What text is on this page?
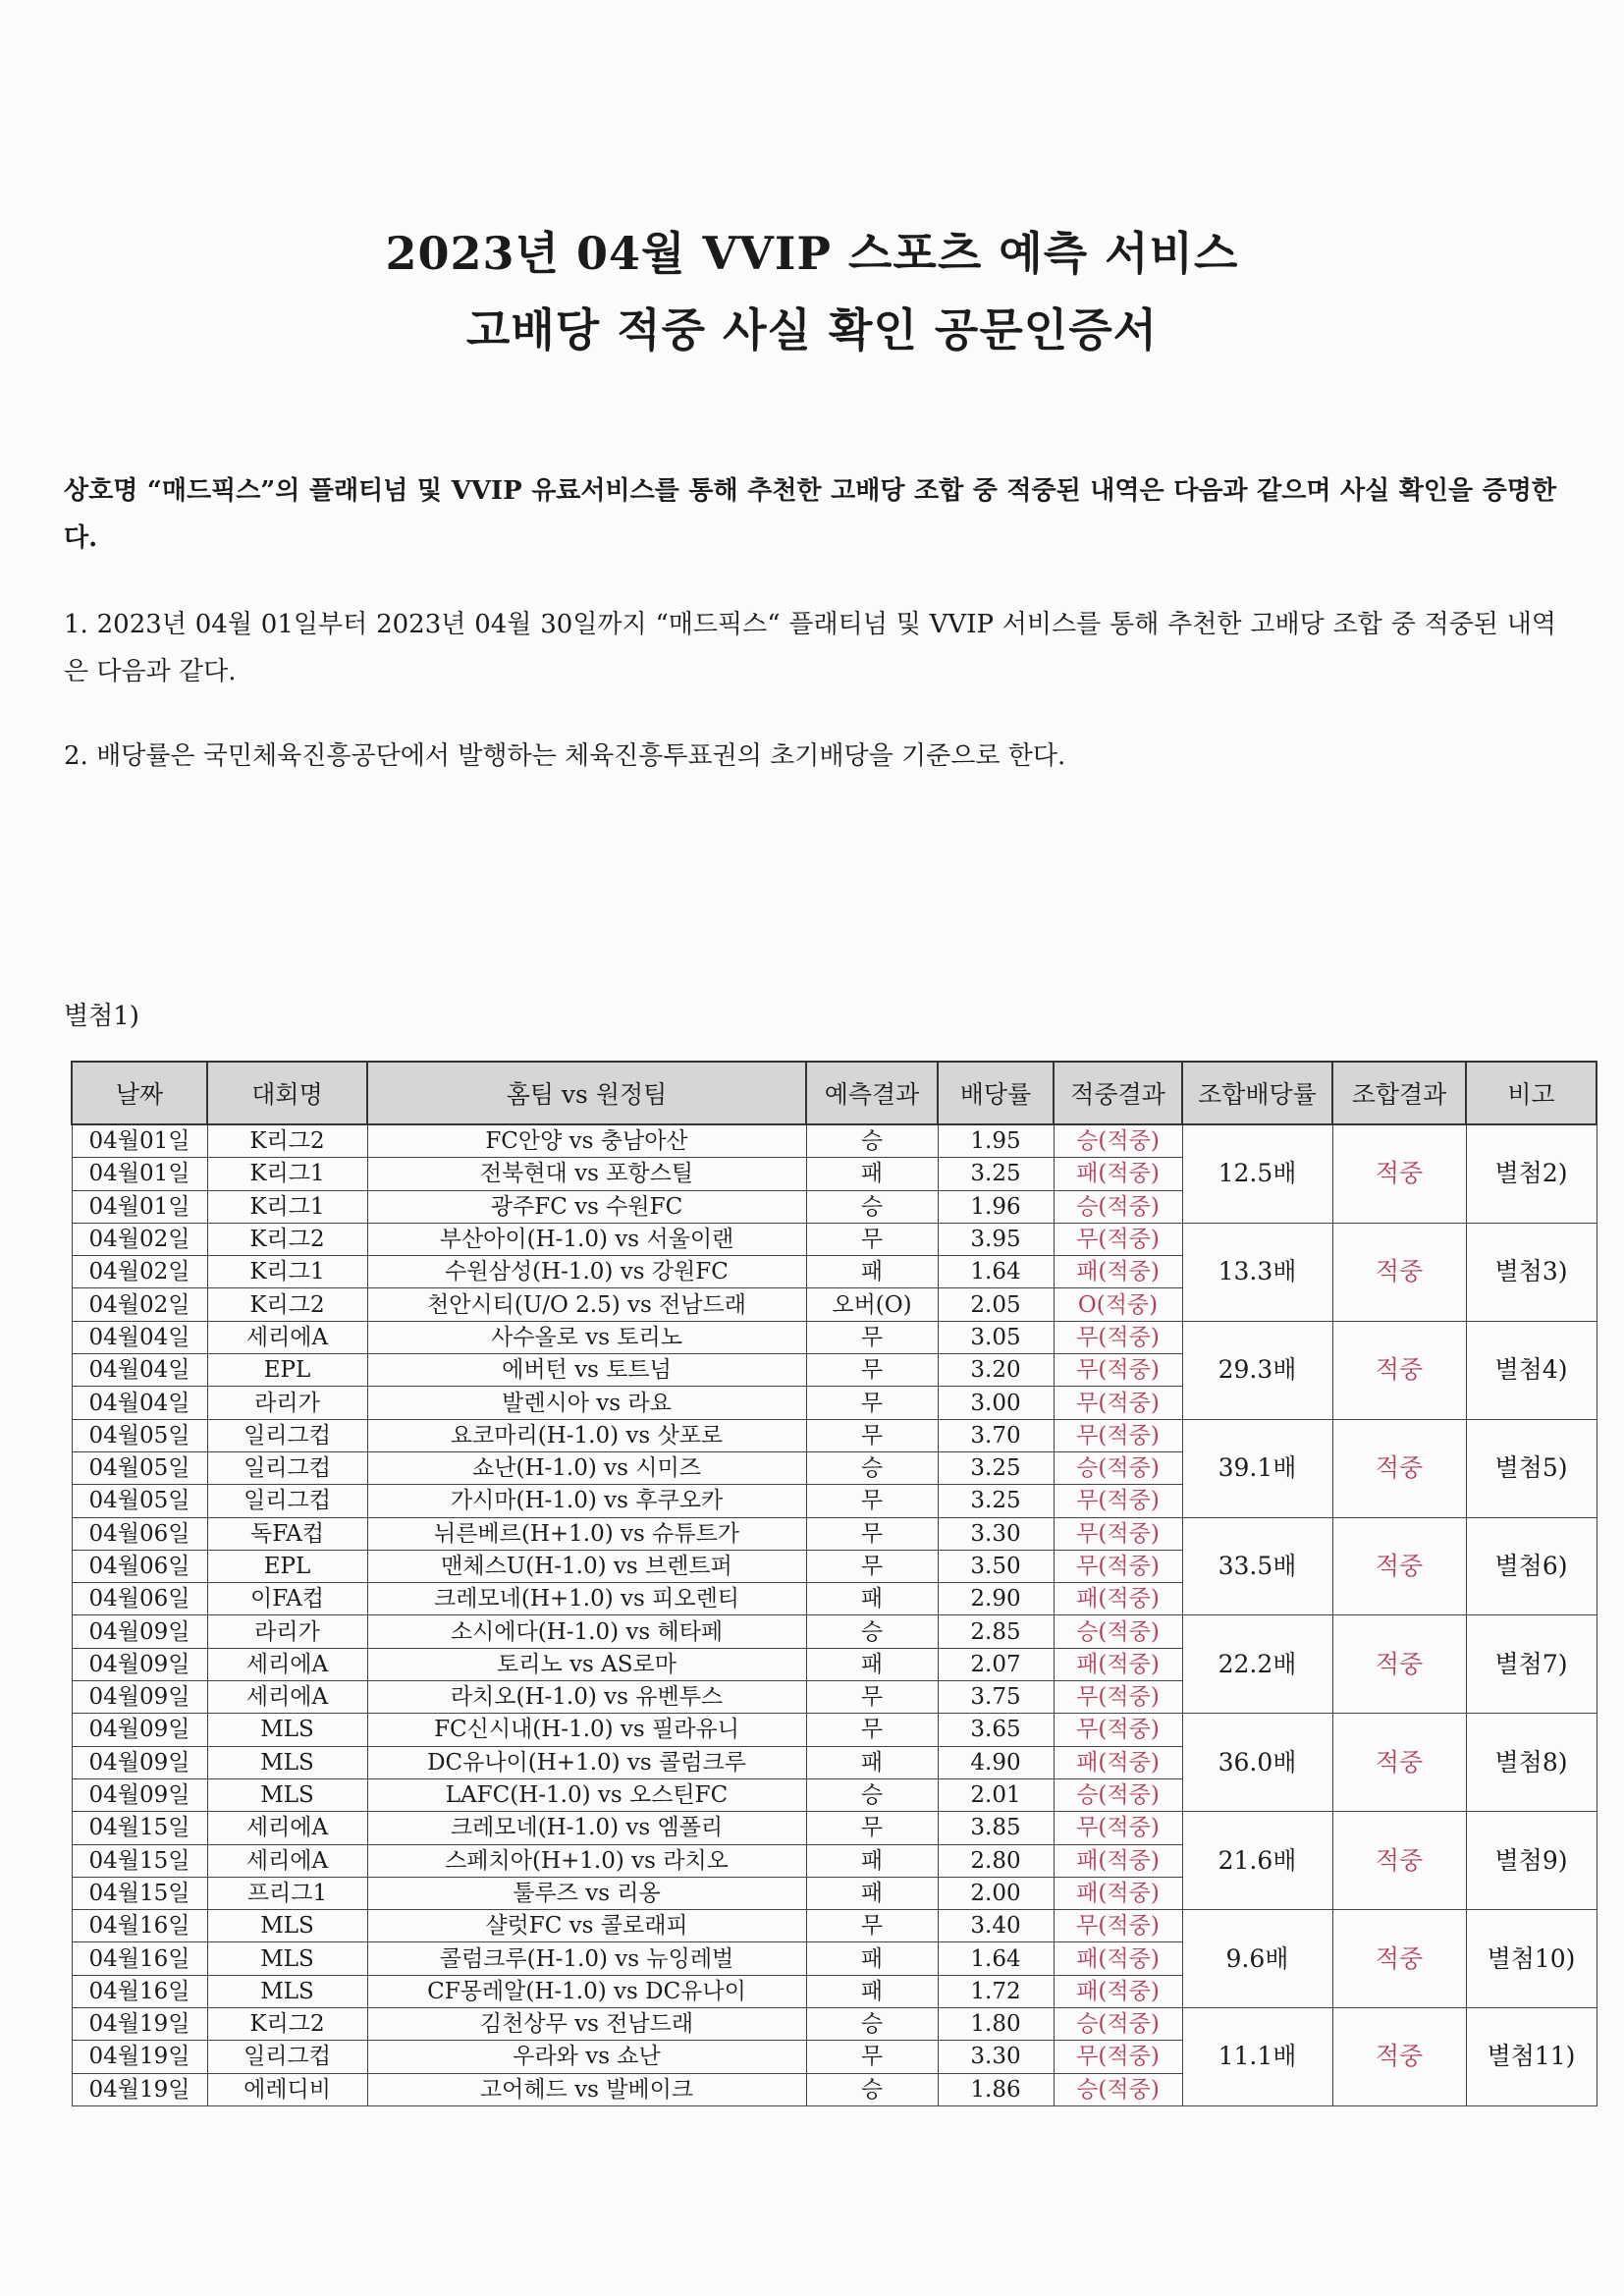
2023년 04월 VVIP 스포츠 예측 서비스
고배당 적중 사실 확인 공문인증서
상호명 “매드픽스”의 플래티넘 및 VVIP 유료서비스를 통해 추천한 고배당 조합 중 적중된 내역은 다음과 같으며 사실 확인을 증명한다.
1. 2023년 04월 01일부터 2023년 04월 30일까지 “매드픽스“ 플래티넘 및 VVIP 서비스를 통해 추천한 고배당 조합 중 적중된 내역은 다음과 같다.
2. 배당률은 국민체육진흥공단에서 발행하는 체육진흥투표권의 초기배당을 기준으로 한다.
별첨1)
날짜	대회명	홈팀 vs 원정팀	예측결과	배당률	적중결과	조합배당률	조합결과	비고
04월01일	K리그2	FC안양 vs 충남아산	승	1.95	승(적중)	12.5배	적중	별첨2)
04월01일	K리그1	전북현대 vs 포항스틸	패	3.25	패(적중)			
04월01일	K리그1	광주FC vs 수원FC	승	1.96	승(적중)			
04월02일	K리그2	부산아이(H-1.0) vs 서울이랜	무	3.95	무(적중)	13.3배	적중	별첨3)
04월02일	K리그1	수원삼성(H-1.0) vs 강원FC	패	1.64	패(적중)			
04월02일	K리그2	천안시티(U/O 2.5) vs 전남드래	오버(O)	2.05	O(적중)			
04월04일	세리에A	사수올로 vs 토리노	무	3.05	무(적중)	29.3배	적중	별첨4)
04월04일	EPL	에버턴 vs 토트넘	무	3.20	무(적중)			
04월04일	라리가	발렌시아 vs 라요	무	3.00	무(적중)			
04월05일	일리그컵	요코마리(H-1.0) vs 삿포로	무	3.70	무(적중)	39.1배	적중	별첨5)
04월05일	일리그컵	쇼난(H-1.0) vs 시미즈	승	3.25	승(적중)			
04월05일	일리그컵	가시마(H-1.0) vs 후쿠오카	무	3.25	무(적중)			
04월06일	독FA컵	뉘른베르(H+1.0) vs 슈튜트가	무	3.30	무(적중)	33.5배	적중	별첨6)
04월06일	EPL	맨체스U(H-1.0) vs 브렌트퍼	무	3.50	무(적중)			
04월06일	이FA컵	크레모네(H+1.0) vs 피오렌티	패	2.90	패(적중)			
04월09일	라리가	소시에다(H-1.0) vs 헤타페	승	2.85	승(적중)	22.2배	적중	별첨7)
04월09일	세리에A	토리노 vs AS로마	패	2.07	패(적중)			
04월09일	세리에A	라치오(H-1.0) vs 유벤투스	무	3.75	무(적중)			
04월09일	MLS	FC신시내(H-1.0) vs 필라유니	무	3.65	무(적중)	36.0배	적중	별첨8)
04월09일	MLS	DC유나이(H+1.0) vs 콜럼크루	패	4.90	패(적중)			
04월09일	MLS	LAFC(H-1.0) vs 오스틴FC	승	2.01	승(적중)			
04월15일	세리에A	크레모네(H-1.0) vs 엠폴리	무	3.85	무(적중)	21.6배	적중	별첨9)
04월15일	세리에A	스페치아(H+1.0) vs 라치오	패	2.80	패(적중)			
04월15일	프리그1	툴루즈 vs 리옹	패	2.00	패(적중)			
04월16일	MLS	샬럿FC vs 콜로래피	무	3.40	무(적중)	9.6배	적중	별첨10)
04월16일	MLS	콜럼크루(H-1.0) vs 뉴잉레벌	패	1.64	패(적중)			
04월16일	MLS	CF몽레알(H-1.0) vs DC유나이	패	1.72	패(적중)			
04월19일	K리그2	김천상무 vs 전남드래	승	1.80	승(적중)	11.1배	적중	별첨11)
04월19일	일리그컵	우라와 vs 쇼난	무	3.30	무(적중)			
04월19일	에레디비	고어헤드 vs 발베이크	승	1.86	승(적중)			
